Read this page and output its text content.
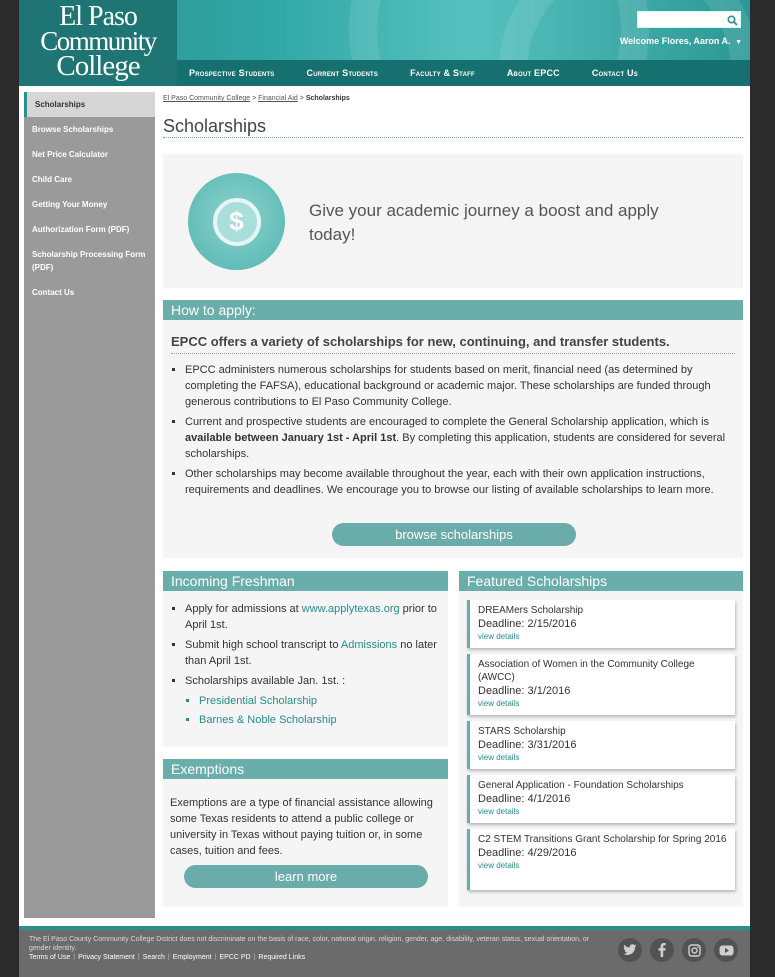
El Paso
Community
College
Welcome Flores, Aaron A. ▼
Prospective Students	Current Students	Faculty & Staff	About EPCC	Contact Us
Scholarships
Browse Scholarships
Net Price Calculator
Child Care
Getting Your Money
Authorization Form (PDF)
Scholarship Processing Form (PDF)
Contact Us
El Paso Community College > Financial Aid > Scholarships
Scholarships
$	Give your academic journey a boost and apply today!
How to apply:
EPCC offers a variety of scholarships for new, continuing, and transfer students.
▪ EPCC administers numerous scholarships for students based on merit, financial need (as determined by completing the FAFSA), educational background or academic major. These scholarships are funded through generous contributions to El Paso Community College.
▪ Current and prospective students are encouraged to complete the General Scholarship application, which is available between January 1st - April 1st. By completing this application, students are considered for several scholarships.
▪ Other scholarships may become available throughout the year, each with their own application instructions, requirements and deadlines. We encourage you to browse our listing of available scholarships to learn more.
browse scholarships
Incoming Freshman
▪ Apply for admissions at www.applytexas.org prior to April 1st.
▪ Submit high school transcript to Admissions no later than April 1st.
▪ Scholarships available Jan. 1st. :
▪ Presidential Scholarship
▪ Barnes & Noble Scholarship
Exemptions
Exemptions are a type of financial assistance allowing some Texas residents to attend a public college or university in Texas without paying tuition or, in some cases, tuition and fees.
learn more
Featured Scholarships
DREAMers Scholarship
Deadline: 2/15/2016
view details
Association of Women in the Community College (AWCC)
Deadline: 3/1/2016
view details
STARS Scholarship
Deadline: 3/31/2016
view details
General Application - Foundation Scholarships
Deadline: 4/1/2016
view details
C2 STEM Transitions Grant Scholarship for Spring 2016
Deadline: 4/29/2016
view details
The El Paso County Community College District does not discriminate on the basis of race, color, national origin, religion, gender, age, disability, veteran status, sexual orientation, or gender identity.
Terms of Use | Privacy Statement | Search | Employment | EPCC PD | Required Links
